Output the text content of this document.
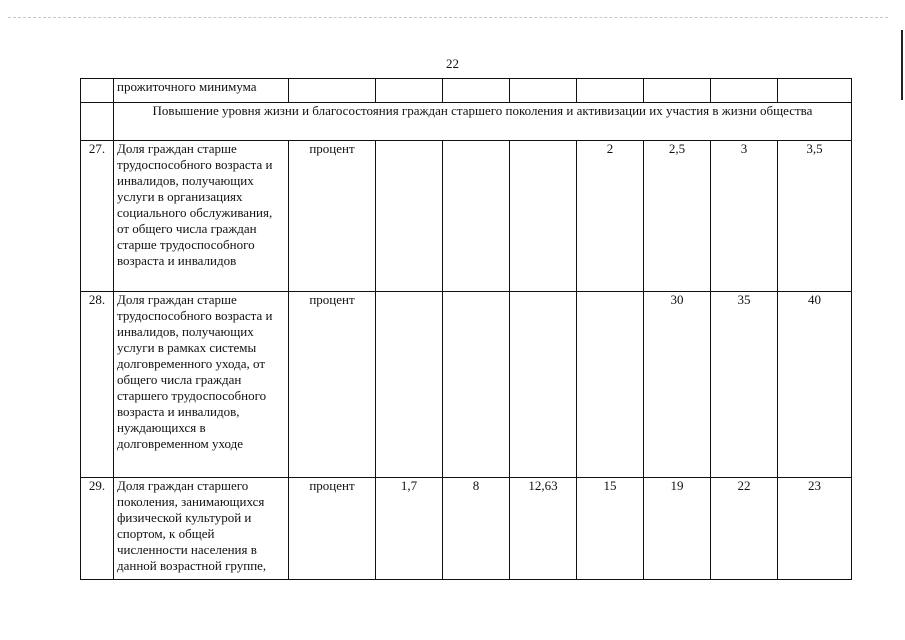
22
	прожиточного минимума								
	Повышение уровня жизни и благосостояния граждан старшего поколения и активизации их участия в жизни общества								
27.	Доля граждан старше трудоспособного возраста и инвалидов, получающих услуги в организациях социального обслуживания, от общего числа граждан старше трудоспособного возраста и инвалидов	процент				2	2,5	3	3,5
28.	Доля граждан старше трудоспособного возраста и инвалидов, получающих услуги в рамках системы долговременного ухода, от общего числа граждан старшего трудоспособного возраста и инвалидов, нуждающихся в долговременном уходе	процент					30	35	40
29.	Доля граждан старшего поколения, занимающихся физической культурой и спортом, к общей численности населения в данной возрастной группе,	процент	1,7	8	12,63	15	19	22	23
